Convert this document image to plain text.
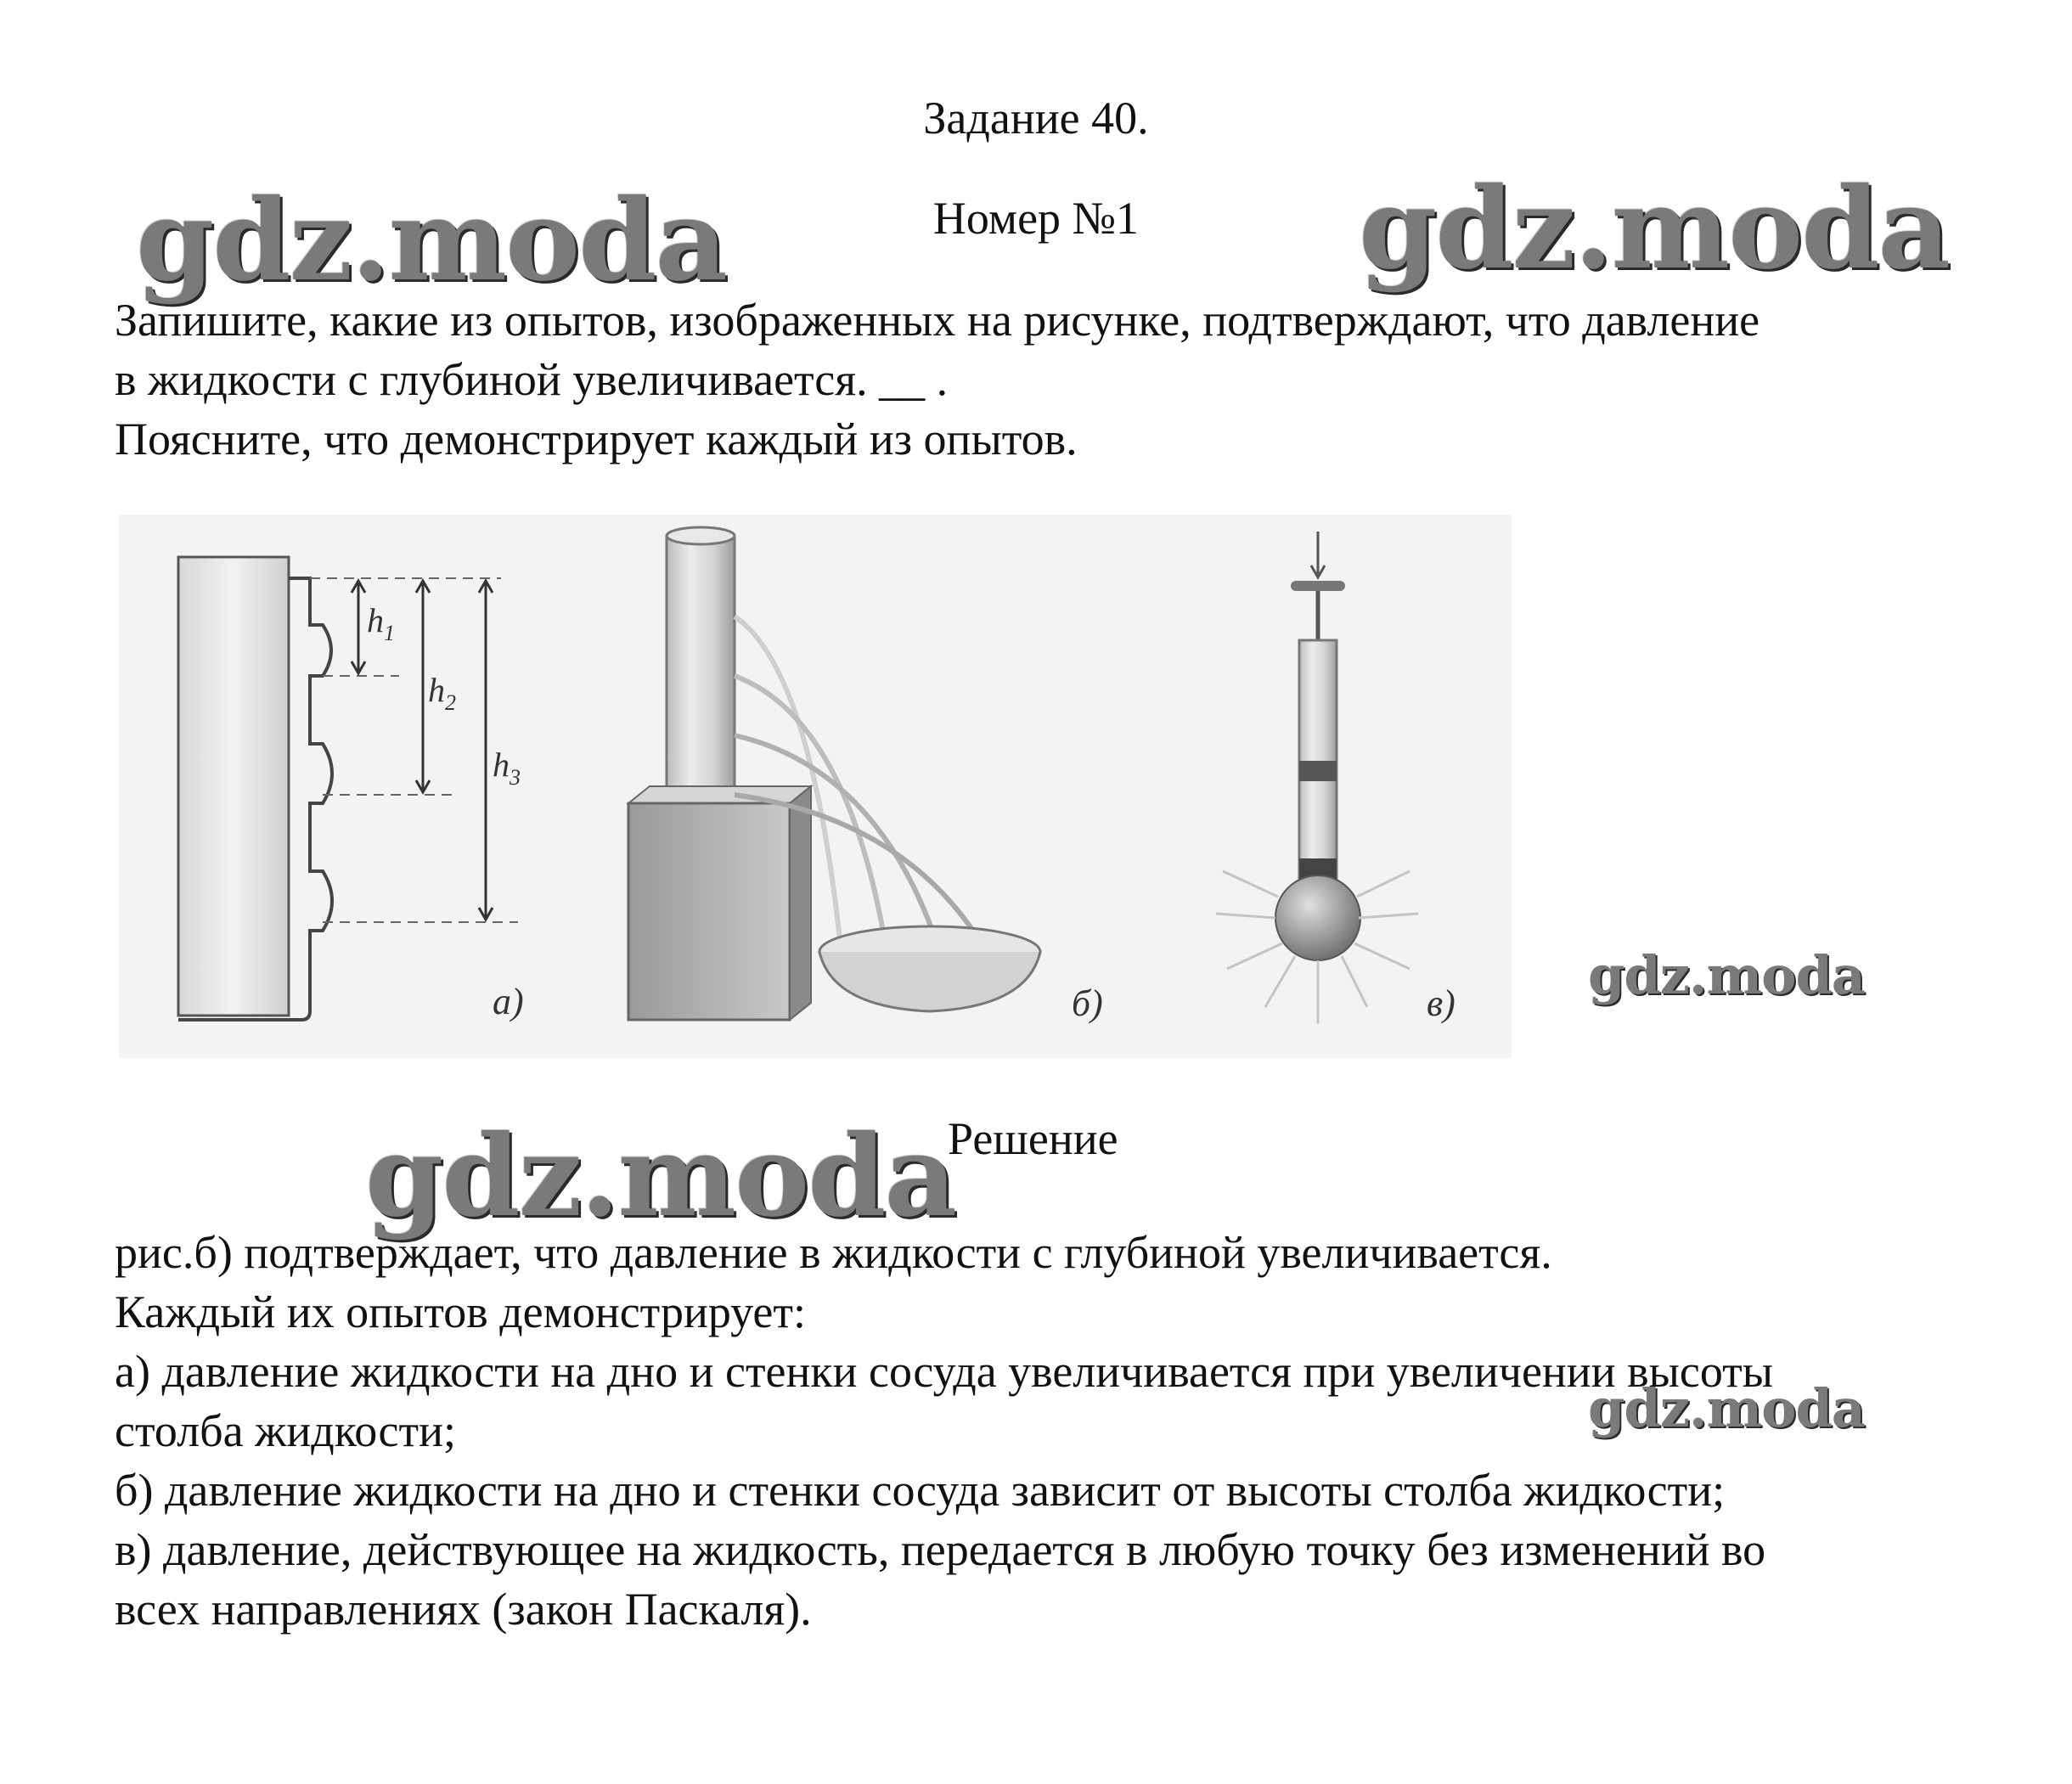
Задание 40.
Номер №1
gdz.moda	gdz.moda

Запишите, какие из опытов, изображенных на рисунке, подтверждают, что давление
в жидкости с глубиной увеличивается. __ .
Поясните, что демонстрирует каждый из опытов.

$h_1$
$h_2$
$h_3$
а)	б)	в)	gdz.moda
gdz.moda
Решение

рис.б) подтверждает, что давление в жидкости с глубиной увеличивается.
Каждый их опытов демонстрирует:
а) давление жидкости на дно и стенки сосуда увеличивается при увеличении высоты
столба жидкости;
б) давление жидкости на дно и стенки сосуда зависит от высоты столба жидкости;
в) давление, действующее на жидкость, передается в любую точку без изменений во
всех направлениях (закон Паскаля).

gdz.moda
